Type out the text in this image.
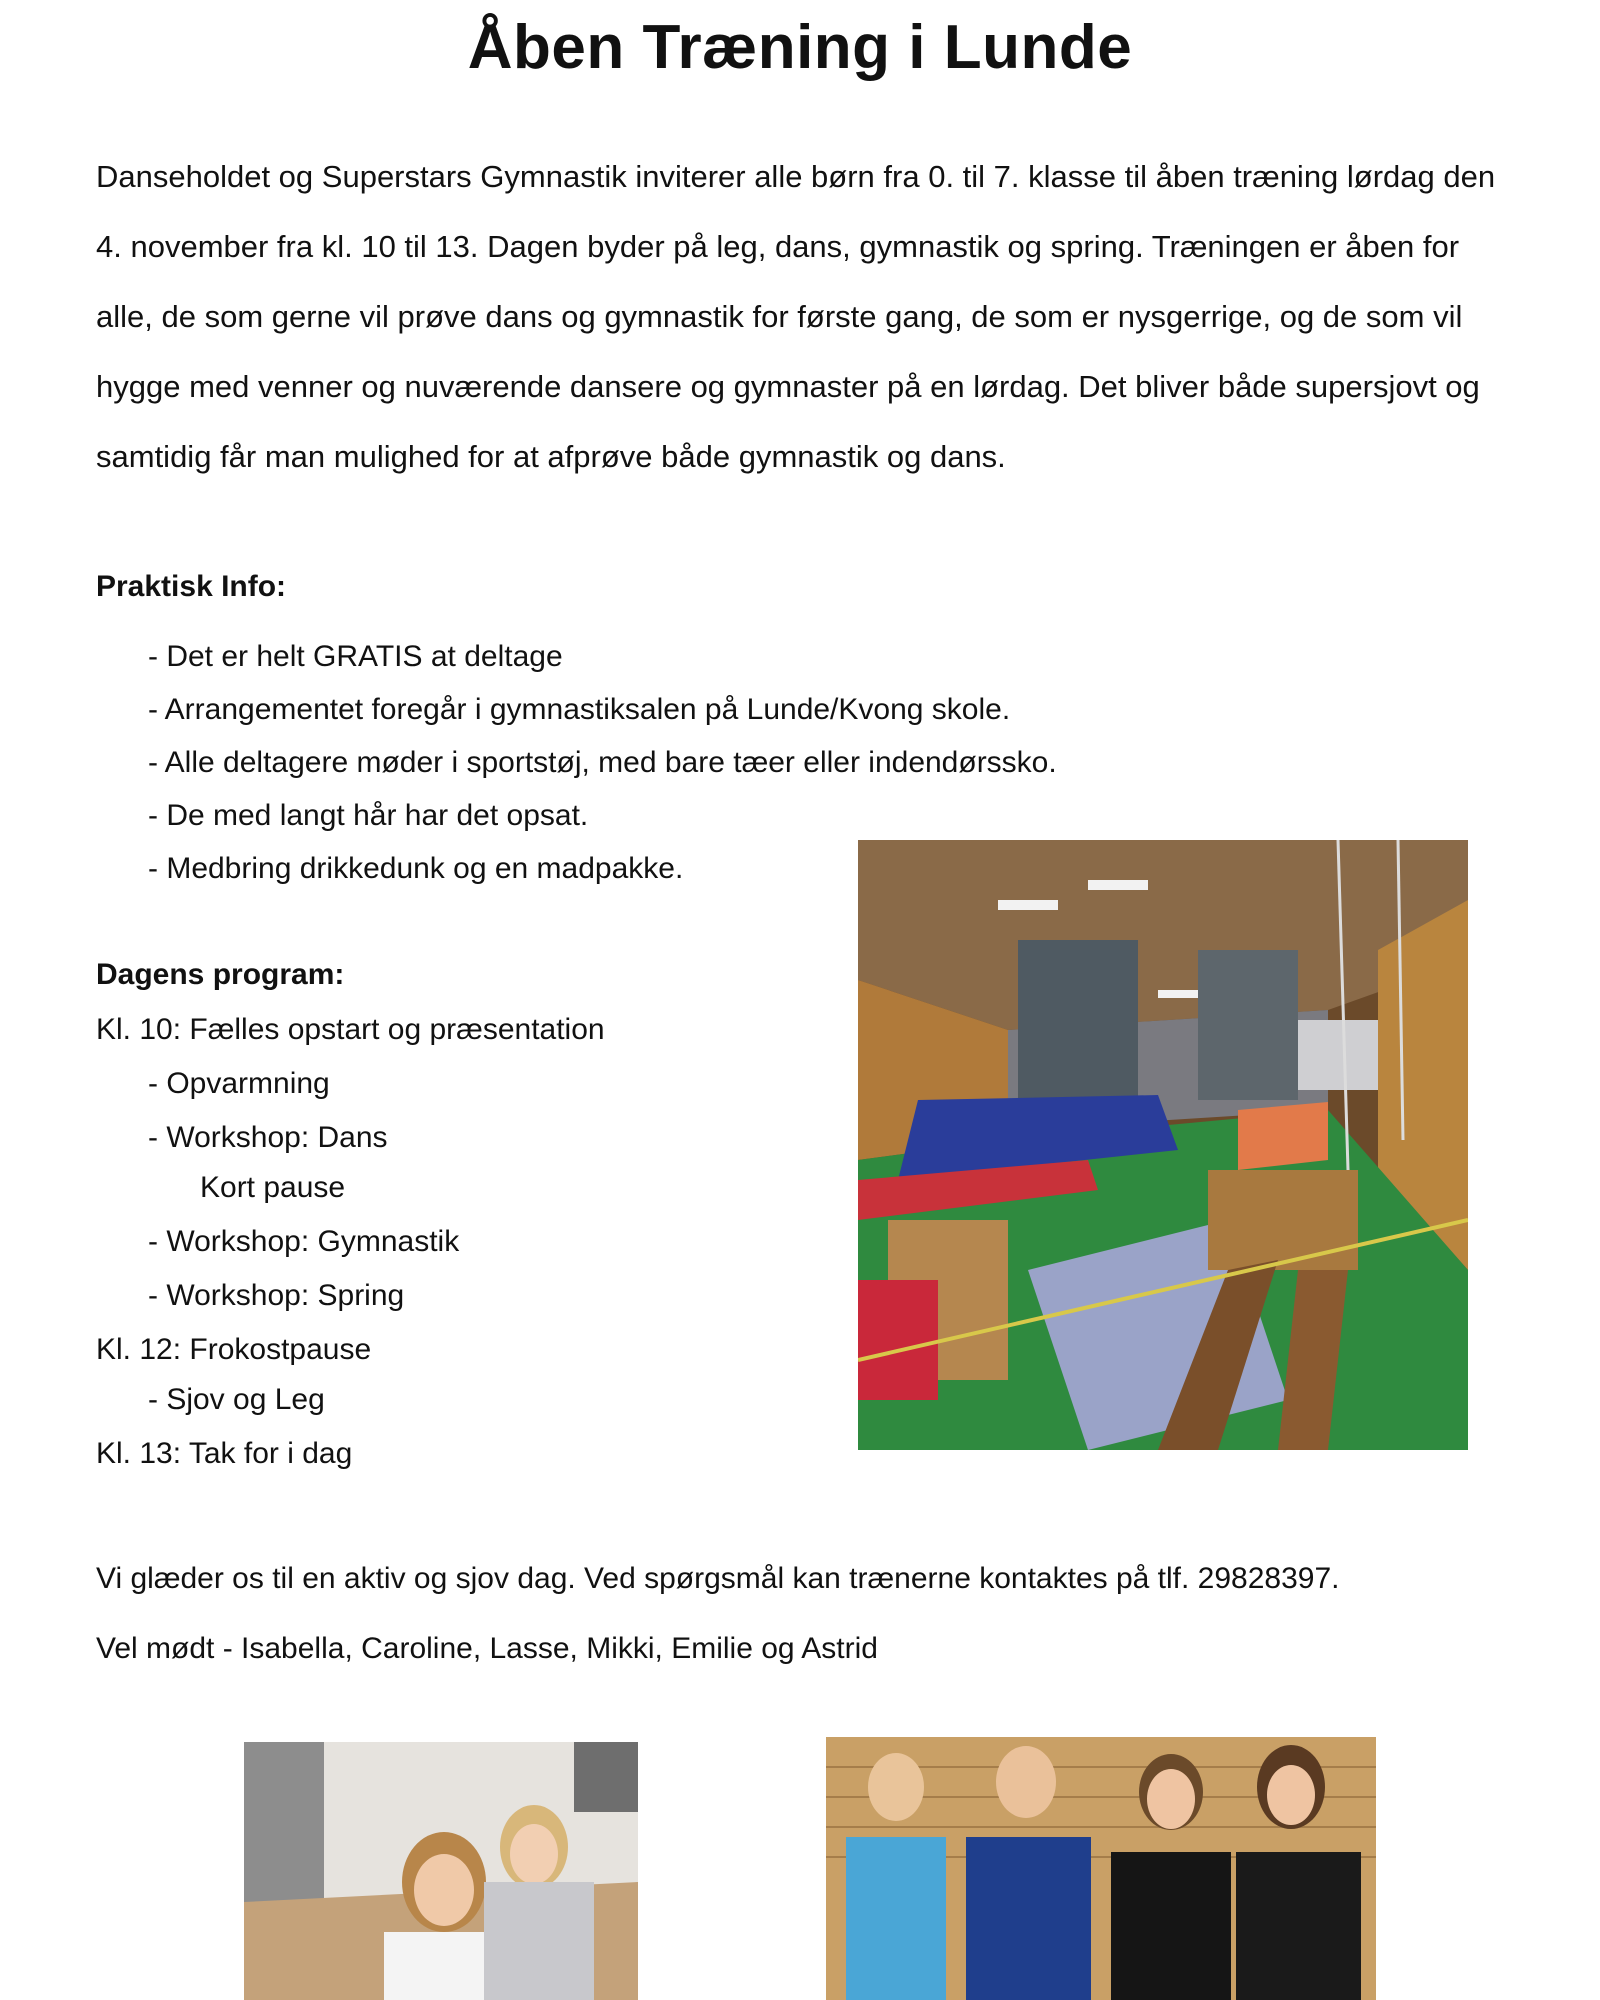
Åben Træning i Lunde

Danseholdet og Superstars Gymnastik inviterer alle børn fra 0. til 7. klasse til åben træning lørdag den 4. november fra kl. 10 til 13. Dagen byder på leg, dans, gymnastik og spring. Træningen er åben for alle, de som gerne vil prøve dans og gymnastik for første gang, de som er nysgerrige, og de som vil hygge med venner og nuværende dansere og gymnaster på en lørdag. Det bliver både supersjovt og samtidig får man mulighed for at afprøve både gymnastik og dans.

Praktisk Info:
- Det er helt GRATIS at deltage
- Arrangementet foregår i gymnastiksalen på Lunde/Kvong skole.
- Alle deltagere møder i sportstøj, med bare tæer eller indendørssko.
- De med langt hår har det opsat.
- Medbring drikkedunk og en madpakke.
Dagens program:
Kl. 10: Fælles opstart og præsentation
- Opvarmning
- Workshop: Dans
Kort pause
- Workshop: Gymnastik
- Workshop: Spring
Kl. 12: Frokostpause
- Sjov og Leg
Kl. 13: Tak for i dag
Vi glæder os til en aktiv og sjov dag. Ved spørgsmål kan trænerne kontaktes på tlf. 29828397.
Vel mødt - Isabella, Caroline, Lasse, Mikki, Emilie og Astrid
